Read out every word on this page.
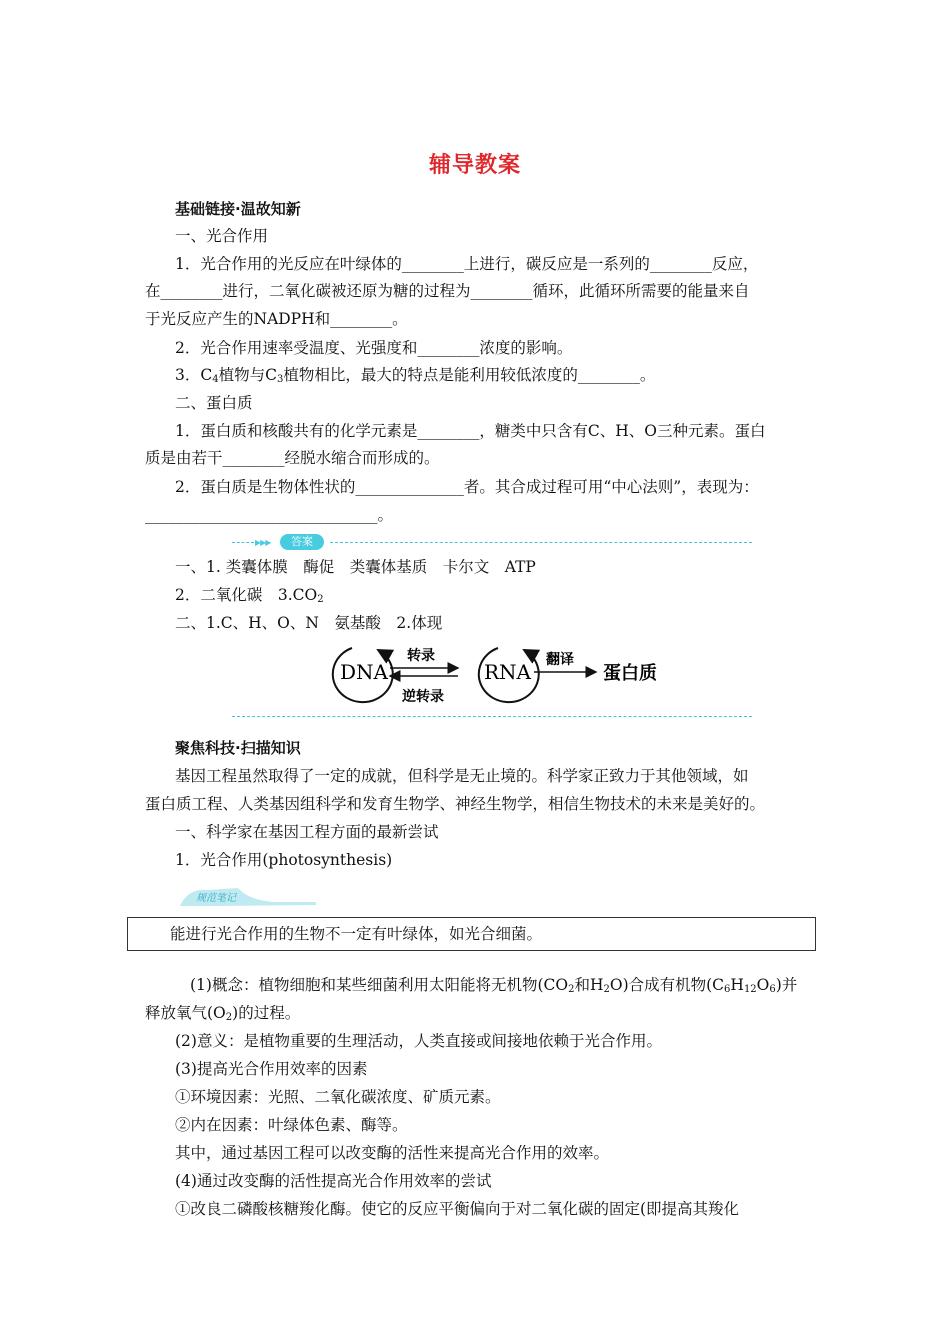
辅导教案
基础链接·温故知新
一、光合作用
1．光合作用的光反应在叶绿体的________上进行，碳反应是一系列的________反应，
在________进行，二氧化碳被还原为糖的过程为________循环，此循环所需要的能量来自
于光反应产生的NADPH和________。
2．光合作用速率受温度、光强度和________浓度的影响。
3．$C_4$植物与$C_3$植物相比，最大的特点是能利用较低浓度的________。
二、蛋白质
1．蛋白质和核酸共有的化学元素是________，糖类中只含有C、H、O三种元素。蛋白
质是由若干________经脱水缩合而形成的。
2．蛋白质是生物体性状的______________者。其合成过程可用“中心法则”，表现为：
______________________________。
▶▶▶	答案
一、1. 类囊体膜　酶促　类囊体基质　卡尔文　ATP
2．二氧化碳　$3.CO_2$
二、1.C、H、O、N　氨基酸　2.体现
DNA
转录
逆转录
RNA 翻译
蛋白质
聚焦科技·扫描知识
基因工程虽然取得了一定的成就，但科学是无止境的。科学家正致力于其他领域，如
蛋白质工程、人类基因组科学和发育生物学、神经生物学，相信生物技术的未来是美好的。
一、科学家在基因工程方面的最新尝试
1．光合作用(photosynthesis)
规范笔记
能进行光合作用的生物不一定有叶绿体，如光合细菌。
(1)概念：植物细胞和某些细菌利用太阳能将无机物($CO_2$和$H_2O$)合成有机物$(C_6H_{12}O_6)$并
释放氧气$(O_2)$的过程。
(2)意义：是植物重要的生理活动，人类直接或间接地依赖于光合作用。
(3)提高光合作用效率的因素
①环境因素：光照、二氧化碳浓度、矿质元素。
②内在因素：叶绿体色素、酶等。
其中，通过基因工程可以改变酶的活性来提高光合作用的效率。
(4)通过改变酶的活性提高光合作用效率的尝试
①改良二磷酸核糖羧化酶。使它的反应平衡偏向于对二氧化碳的固定(即提高其羧化
